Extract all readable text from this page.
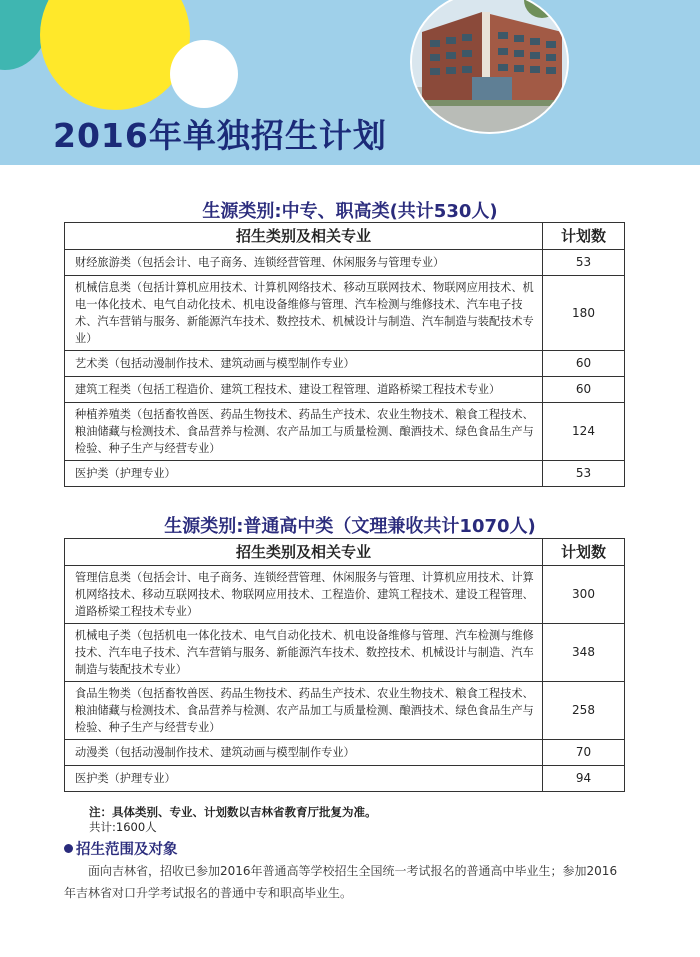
2016年单独招生计划
生源类别:中专、职高类(共计530人)
招生类别及相关专业	计划数
财经旅游类（包括会计、电子商务、连锁经营管理、休闲服务与管理专业）	53
机械信息类（包括计算机应用技术、计算机网络技术、移动互联网技术、物联网应用技术、机电一体化技术、电气自动化技术、机电设备维修与管理、汽车检测与维修技术、汽车电子技术、汽车营销与服务、新能源汽车技术、数控技术、机械设计与制造、汽车制造与装配技术专业）	180
艺术类（包括动漫制作技术、建筑动画与模型制作专业）	60
建筑工程类（包括工程造价、建筑工程技术、建设工程管理、道路桥梁工程技术专业）	60
种植养殖类（包括畜牧兽医、药品生物技术、药品生产技术、农业生物技术、粮食工程技术、粮油储藏与检测技术、食品营养与检测、农产品加工与质量检测、酿酒技术、绿色食品生产与检验、种子生产与经营专业）	124
医护类（护理专业）	53
生源类别:普通高中类（文理兼收共计1070人)
招生类别及相关专业	计划数
管理信息类（包括会计、电子商务、连锁经营管理、休闲服务与管理、计算机应用技术、计算机网络技术、移动互联网技术、物联网应用技术、工程造价、建筑工程技术、建设工程管理、道路桥梁工程技术专业）	300
机械电子类（包括机电一体化技术、电气自动化技术、机电设备维修与管理、汽车检测与维修技术、汽车电子技术、汽车营销与服务、新能源汽车技术、数控技术、机械设计与制造、汽车制造与装配技术专业）	348
食品生物类（包括畜牧兽医、药品生物技术、药品生产技术、农业生物技术、粮食工程技术、粮油储藏与检测技术、食品营养与检测、农产品加工与质量检测、酿酒技术、绿色食品生产与检验、种子生产与经营专业）	258
动漫类（包括动漫制作技术、建筑动画与模型制作专业）	70
医护类（护理专业）	94

注：具体类别、专业、计划数以吉林省教育厅批复为准。

共计:1600人

招生范围及对象

面向吉林省，招收已参加2016年普通高等学校招生全国统一考试报名的普通高中毕业生；参加2016年吉林省对口升学考试报名的普通中专和职高毕业生。
